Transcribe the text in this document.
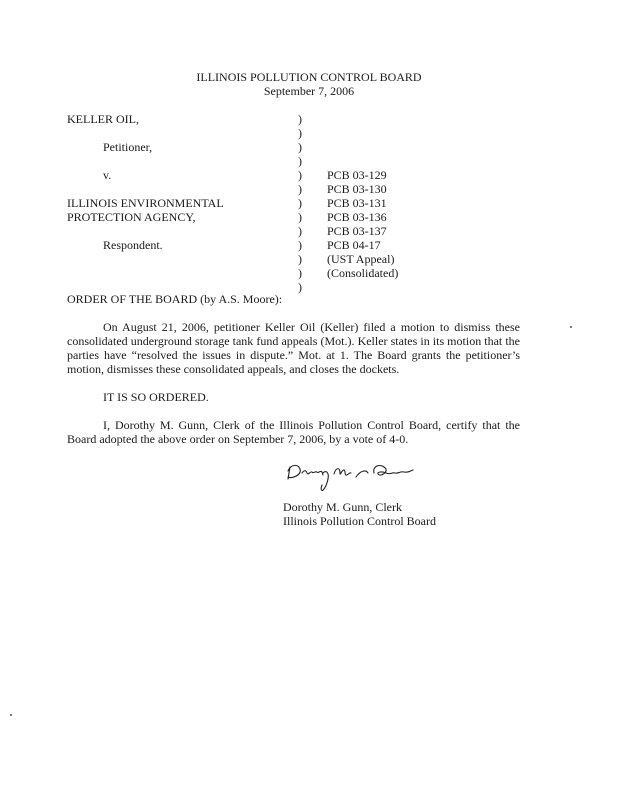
ILLINOIS POLLUTION CONTROL BOARD
September 7, 2006
KELLER OIL,

Petitioner,

v.

ILLINOIS ENVIRONMENTAL
PROTECTION AGENCY,

Respondent.
)
)
)
)
)
)
)
)
)
)
)
)
)
PCB 03-129
PCB 03-130
PCB 03-131
PCB 03-136
PCB 03-137
PCB 04-17
(UST Appeal)
(Consolidated)
ORDER OF THE BOARD (by A.S. Moore):
On August 21, 2006, petitioner Keller Oil (Keller) filed a motion to dismiss these consolidated underground storage tank fund appeals (Mot.). Keller states in its motion that the parties have “resolved the issues in dispute.” Mot. at 1. The Board grants the petitioner’s motion, dismisses these consolidated appeals, and closes the dockets.
IT IS SO ORDERED.
I, Dorothy M. Gunn, Clerk of the Illinois Pollution Control Board, certify that the Board adopted the above order on September 7, 2006, by a vote of 4-0.
Dorothy M. Gunn, Clerk
Illinois Pollution Control Board
